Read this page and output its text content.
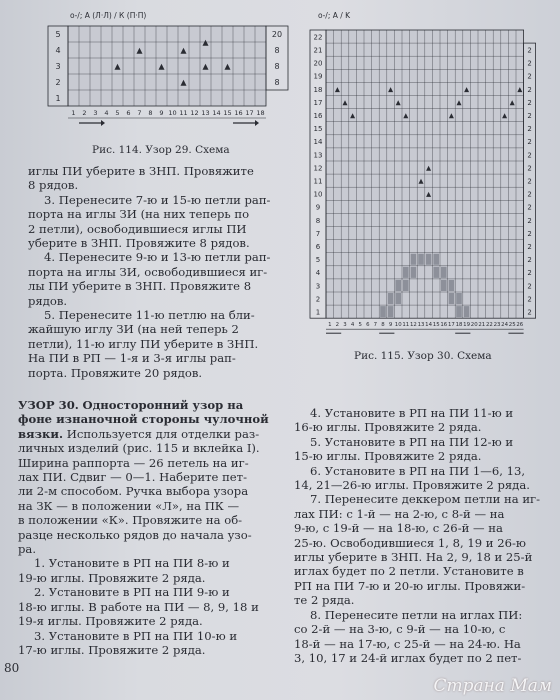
о-/; A (Л·Л) / К (П·П)
5
4
3
2
1
20
8
8
8
1 2 3 4 5 6 7 8 9 10 11 12 13 14 15 16 17 18
Рис. 114. Узор 29. Схема
о-/; A / K
22
21
20
19
18
17
16
15
14
13
12
11
10
9
8
7
6
5
4
3
2
1
2
2
2
2
2
2
2
2
2
2
2
2
2
2
2
2
2
2
2
2
2
1 2 3 4 5 6 7 8 9 10 11 12 13 14 15 16 17 18 19 20 21 22 23 24 25 26
Рис. 115. Узор 30. Схема

иглы ПИ уберите в ЗНП. Провяжите

8 рядов.

3. Перенесите 7-ю и 15-ю петли рап-

порта на иглы ЗИ (на них теперь по

2 петли), освободившиеся иглы ПИ

уберите в ЗНП. Провяжите 8 рядов.

4. Перенесите 9-ю и 13-ю петли рап-

порта на иглы ЗИ, освободившиеся иг-

лы ПИ уберите в ЗНП. Провяжите 8

рядов.

5. Перенесите 11-ю петлю на бли-

жайшую иглу ЗИ (на ней теперь 2

петли), 11-ю иглу ПИ уберите в ЗНП.

На ПИ в РП — 1-я и 3-я иглы рап-

порта. Провяжите 20 рядов.

УЗОР 30. Односторонний узор на

фоне изнаночной стороны чулочной

вязки. Используется для отделки раз-

личных изделий (рис. 115 и вклейка I).

Ширина раппорта — 26 петель на иг-

лах ПИ. Сдвиг — 0—1. Наберите пет-

ли 2-м способом. Ручка выбора узора

на ЗК — в положении «Л», на ПК —

в положении «К». Провяжите на об-

разце несколько рядов до начала узо-

ра.

1. Установите в РП на ПИ 8-ю и

19-ю иглы. Провяжите 2 ряда.

2. Установите в РП на ПИ 9-ю и

18-ю иглы. В работе на ПИ — 8, 9, 18 и

19-я иглы. Провяжите 2 ряда.

3. Установите в РП на ПИ 10-ю и

17-ю иглы. Провяжите 2 ряда.

4. Установите в РП на ПИ 11-ю и

16-ю иглы. Провяжите 2 ряда.

5. Установите в РП на ПИ 12-ю и

15-ю иглы. Провяжите 2 ряда.

6. Установите в РП на ПИ 1—6, 13,

14, 21—26-ю иглы. Провяжите 2 ряда.

7. Перенесите деккером петли на иг-

лах ПИ: с 1-й — на 2-ю, с 8-й — на

9-ю, с 19-й — на 18-ю, с 26-й — на

25-ю. Освободившиеся 1, 8, 19 и 26-ю

иглы уберите в ЗНП. На 2, 9, 18 и 25-й

иглах будет по 2 петли. Установите в

РП на ПИ 7-ю и 20-ю иглы. Провяжи-

те 2 ряда.

8. Перенесите петли на иглах ПИ:

со 2-й — на 3-ю, с 9-й — на 10-ю, с

18-й — на 17-ю, с 25-й — на 24-ю. На

3, 10, 17 и 24-й иглах будет по 2 пет-

80
Страна Мам
